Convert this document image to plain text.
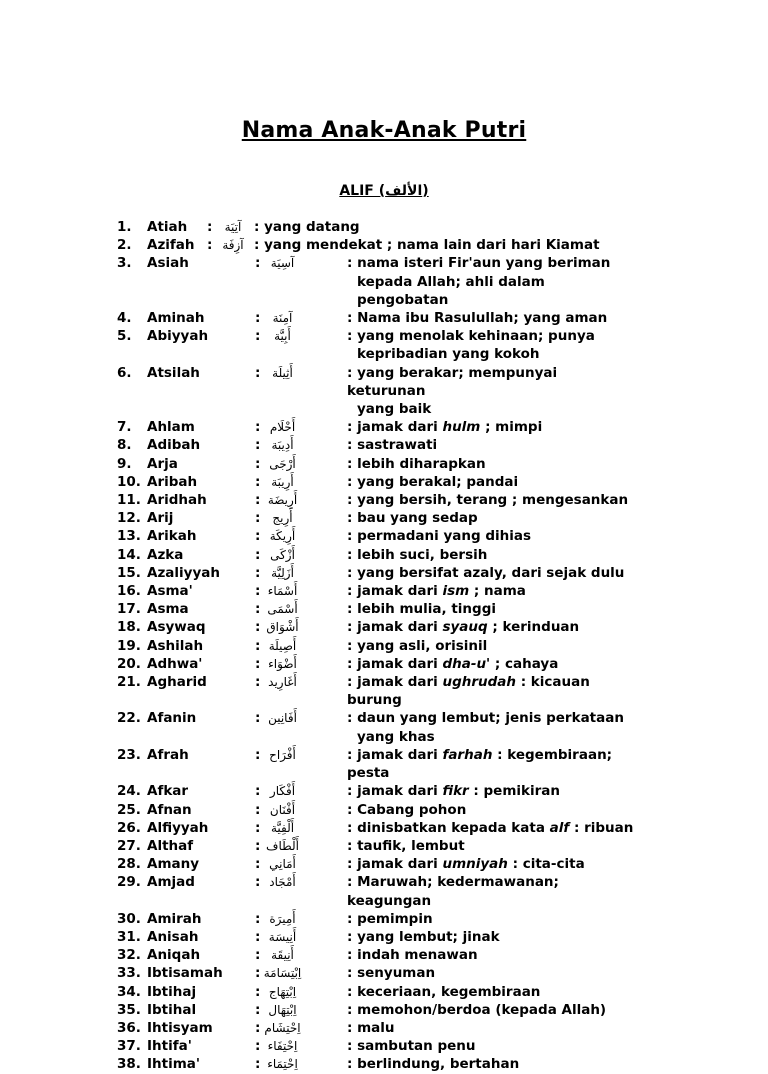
Nama Anak-Anak Putri
ALIF (الألف)
1. Atiah :	آتِيَة : yang datang
2. Azifah : آزِفَة : yang mendekat ; nama lain dari hari Kiamat
3. Asiah	: آسِيَة	: nama isteri Fir'aun yang beriman
kepada Allah; ahli dalam pengobatan
4. Aminah	:	آمِنَة	: Nama ibu Rasulullah; yang aman
5. Abiyyah	:	أَبِيَّة	: yang menolak kehinaan; punya
kepribadian yang kokoh
6. Atsilah	: أَثِيلَة	: yang berakar; mempunyai keturunan
yang baik
7. Ahlam	: أَحْلَام	: jamak dari hulm ; mimpi
8. Adibah	: أَدِيبَة	: sastrawati
9. Arja	: أَرْجَى	: lebih diharapkan
10. Aribah	: أَرِيبَة	: yang berakal; pandai
11. Aridhah	: أَرِيضَة	: yang bersih, terang ; mengesankan
12. Arij	: أَرِيج	: bau yang sedap
13. Arikah	: أَرِيكَة	: permadani yang dihias
14. Azka	: أَزْكَى	: lebih suci, bersih
15. Azaliyyah	: أَزَلِيَّة	: yang bersifat azaly, dari sejak dulu
16. Asma'	: أَسْمَاء	: jamak dari ism ; nama
17. Asma	: أَسْمَى	: lebih mulia, tinggi
18. Asywaq	: أَشْوَاق	: jamak dari syauq ; kerinduan
19. Ashilah	: أَصِيلَة	: yang asli, orisinil
20. Adhwa'	: أَضْوَاء	: jamak dari dha-u' ; cahaya
21. Agharid	: أَغَارِيد	: jamak dari ughrudah : kicauan burung
22. Afanin	: أَفَانِين	: daun yang lembut; jenis perkataan
yang khas
23. Afrah	: أَفْرَاح	: jamak dari farhah : kegembiraan; pesta
24. Afkar	: أَفْكَار	: jamak dari fikr : pemikiran
25. Afnan	: أَفْنَان	: Cabang pohon
26. Alfiyyah	: أَلْفِيَّة	: dinisbatkan kepada kata alf : ribuan
27. Althaf	: أَلْطَاف	: taufik, lembut
28. Amany	: أَمَانِي	: jamak dari umniyah : cita-cita
29. Amjad	: أَمْجَاد	: Maruwah; kedermawanan; keagungan
30. Amirah	: أَمِيرَة	: pemimpin
31. Anisah	: أَنِيسَة	: yang lembut; jinak
32. Aniqah	: أَنِيقَة	: indah menawan
33. Ibtisamah : اِبْتِسَامَة	: senyuman
34. Ibtihaj	: اِبْتِهَاج	: keceriaan, kegembiraan
35. Ibtihal	: اِبْتِهَال	: memohon/berdoa (kepada Allah)
36. Ihtisyam	: اِحْتِشَام	: malu
37. Ihtifa'	: اِحْتِفَاء	: sambutan penu
38. Ihtima'	: اِحْتِمَاء	: berlindung, bertahan
